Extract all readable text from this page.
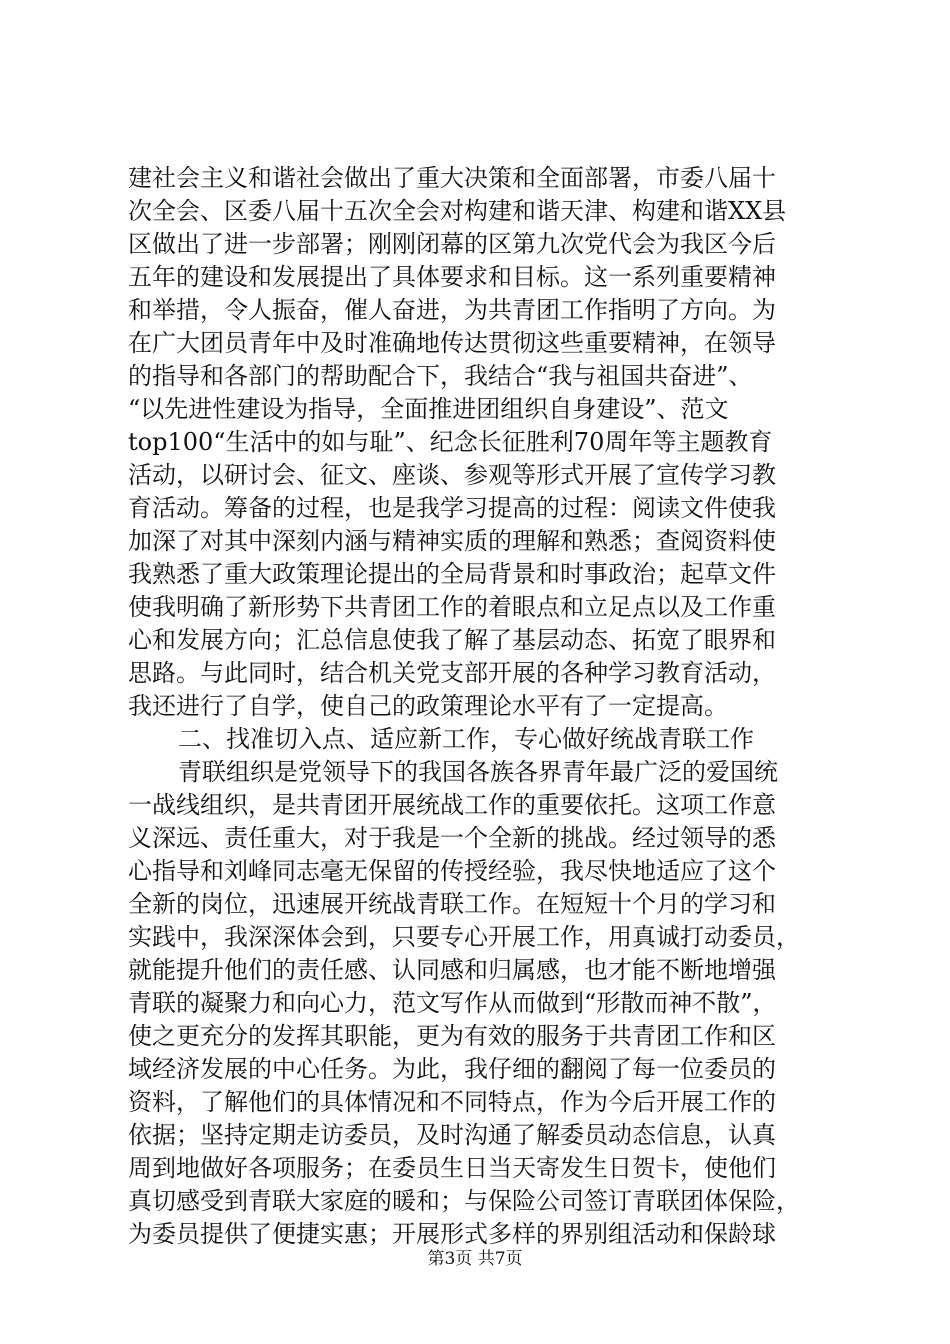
建社会主义和谐社会做出了重大决策和全面部署，市委八届十
次全会、区委八届十五次全会对构建和谐天津、构建和谐XX县
区做出了进一步部署；刚刚闭幕的区第九次党代会为我区今后
五年的建设和发展提出了具体要求和目标。这一系列重要精神
和举措，令人振奋，催人奋进，为共青团工作指明了方向。为
在广大团员青年中及时准确地传达贯彻这些重要精神，在领导
的指导和各部门的帮助配合下，我结合“我与祖国共奋进”、
“以先进性建设为指导，全面推进团组织自身建设”、范文
top100“生活中的如与耻”、纪念长征胜利70周年等主题教育
活动，以研讨会、征文、座谈、参观等形式开展了宣传学习教
育活动。筹备的过程，也是我学习提高的过程：阅读文件使我
加深了对其中深刻内涵与精神实质的理解和熟悉；查阅资料使
我熟悉了重大政策理论提出的全局背景和时事政治；起草文件
使我明确了新形势下共青团工作的着眼点和立足点以及工作重
心和发展方向；汇总信息使我了解了基层动态、拓宽了眼界和
思路。与此同时，结合机关党支部开展的各种学习教育活动，
我还进行了自学，使自己的政策理论水平有了一定提高。
二、找准切入点、适应新工作，专心做好统战青联工作
青联组织是党领导下的我国各族各界青年最广泛的爱国统
一战线组织，是共青团开展统战工作的重要依托。这项工作意
义深远、责任重大，对于我是一个全新的挑战。经过领导的悉
心指导和刘峰同志毫无保留的传授经验，我尽快地适应了这个
全新的岗位，迅速展开统战青联工作。在短短十个月的学习和
实践中，我深深体会到，只要专心开展工作，用真诚打动委员，
就能提升他们的责任感、认同感和归属感，也才能不断地增强
青联的凝聚力和向心力，范文写作从而做到“形散而神不散”，
使之更充分的发挥其职能，更为有效的服务于共青团工作和区
域经济发展的中心任务。为此，我仔细的翻阅了每一位委员的
资料，了解他们的具体情况和不同特点，作为今后开展工作的
依据；坚持定期走访委员，及时沟通了解委员动态信息，认真
周到地做好各项服务；在委员生日当天寄发生日贺卡，使他们
真切感受到青联大家庭的暖和；与保险公司签订青联团体保险，
为委员提供了便捷实惠；开展形式多样的界别组活动和保龄球
第3页 共7页
